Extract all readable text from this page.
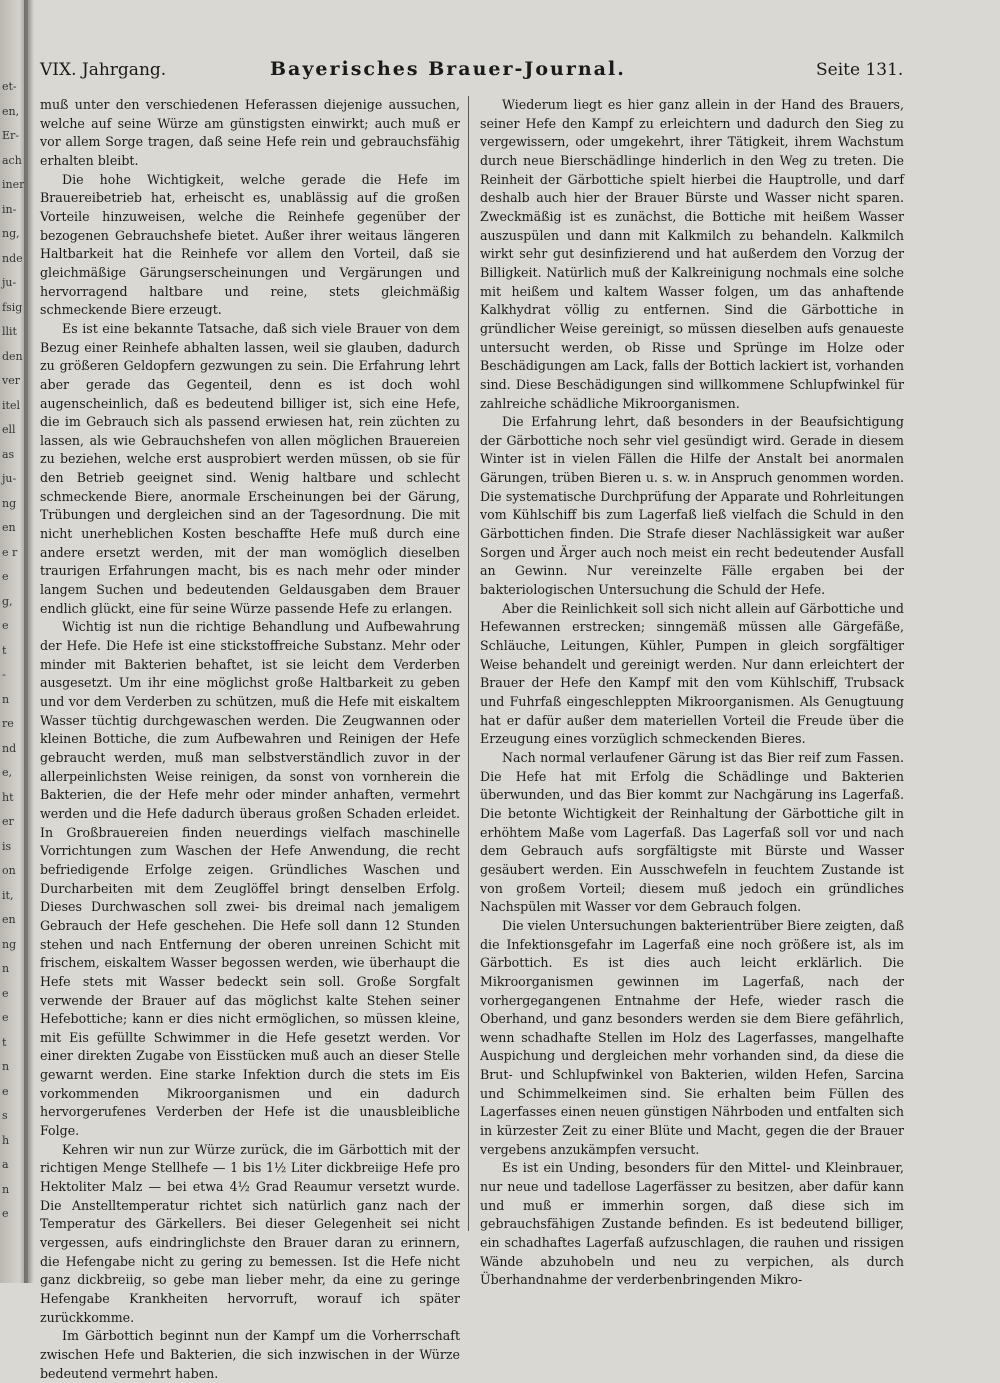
et-
en,
Er-
ach
iner
in-
ng,
nde
ju-
fsig
llit
den
ver
itel
ell
as
ju-
ng
en
e r
e
g,
e
t
-
n
re
nd
e,
ht
er
is
on
it,
en
ng
n
e
e
t
n
e
s
h
a
n
e
VIX. Jahrgang.	Bayerisches Brauer-Journal.	Seite 131.

muß unter den verschiedenen Heferassen diejenige aussuchen, welche auf seine Würze am günstigsten einwirkt; auch muß er vor allem Sorge tragen, daß seine Hefe rein und gebrauchsfähig erhalten bleibt.

Die hohe Wichtigkeit, welche gerade die Hefe im Brauereibetrieb hat, erheischt es, unablässig auf die großen Vorteile hinzuweisen, welche die Reinhefe gegenüber der bezogenen Gebrauchshefe bietet. Außer ihrer weitaus längeren Haltbarkeit hat die Reinhefe vor allem den Vorteil, daß sie gleichmäßige Gärungserscheinungen und Vergärungen und hervorragend haltbare und reine, stets gleichmäßig schmeckende Biere erzeugt.

Es ist eine bekannte Tatsache, daß sich viele Brauer von dem Bezug einer Reinhefe abhalten lassen, weil sie glauben, dadurch zu größeren Geldopfern gezwungen zu sein. Die Erfahrung lehrt aber gerade das Gegenteil, denn es ist doch wohl augenscheinlich, daß es bedeutend billiger ist, sich eine Hefe, die im Gebrauch sich als passend erwiesen hat, rein züchten zu lassen, als wie Gebrauchshefen von allen möglichen Brauereien zu beziehen, welche erst ausprobiert werden müssen, ob sie für den Betrieb geeignet sind. Wenig haltbare und schlecht schmeckende Biere, anormale Erscheinungen bei der Gärung, Trübungen und dergleichen sind an der Tagesordnung. Die mit nicht unerheblichen Kosten beschaffte Hefe muß durch eine andere ersetzt werden, mit der man womöglich dieselben traurigen Erfahrungen macht, bis es nach mehr oder minder langem Suchen und bedeutenden Geldausgaben dem Brauer endlich glückt, eine für seine Würze passende Hefe zu erlangen.

Wichtig ist nun die richtige Behandlung und Aufbewahrung der Hefe. Die Hefe ist eine stickstoffreiche Substanz. Mehr oder minder mit Bakterien behaftet, ist sie leicht dem Verderben ausgesetzt. Um ihr eine möglichst große Haltbarkeit zu geben und vor dem Verderben zu schützen, muß die Hefe mit eiskaltem Wasser tüchtig durchgewaschen werden. Die Zeugwannen oder kleinen Bottiche, die zum Aufbewahren und Reinigen der Hefe gebraucht werden, muß man selbstverständlich zuvor in der allerpeinlichsten Weise reinigen, da sonst von vornherein die Bakterien, die der Hefe mehr oder minder anhaften, vermehrt werden und die Hefe dadurch überaus großen Schaden erleidet. In Großbrauereien finden neuerdings vielfach maschinelle Vorrichtungen zum Waschen der Hefe Anwendung, die recht befriedigende Erfolge zeigen. Gründliches Waschen und Durcharbeiten mit dem Zeuglöffel bringt denselben Erfolg. Dieses Durchwaschen soll zwei- bis dreimal nach jemaligem Gebrauch der Hefe geschehen. Die Hefe soll dann 12 Stunden stehen und nach Entfernung der oberen unreinen Schicht mit frischem, eiskaltem Wasser begossen werden, wie überhaupt die Hefe stets mit Wasser bedeckt sein soll. Große Sorgfalt verwende der Brauer auf das möglichst kalte Stehen seiner Hefebottiche; kann er dies nicht ermöglichen, so müssen kleine, mit Eis gefüllte Schwimmer in die Hefe gesetzt werden. Vor einer direkten Zugabe von Eisstücken muß auch an dieser Stelle gewarnt werden. Eine starke Infektion durch die stets im Eis vorkommenden Mikroorganismen und ein dadurch hervorgerufenes Verderben der Hefe ist die unausbleibliche Folge.

Kehren wir nun zur Würze zurück, die im Gärbottich mit der richtigen Menge Stellhefe — 1 bis 1½ Liter dickbreiige Hefe pro Hektoliter Malz — bei etwa 4½ Grad Reaumur versetzt wurde. Die Anstelltemperatur richtet sich natürlich ganz nach der Temperatur des Gärkellers. Bei dieser Gelegenheit sei nicht vergessen, aufs eindringlichste den Brauer daran zu erinnern, die Hefengabe nicht zu gering zu bemessen. Ist die Hefe nicht ganz dickbreiig, so gebe man lieber mehr, da eine zu geringe Hefengabe Krankheiten hervorruft, worauf ich später zurückkomme.

Im Gärbottich beginnt nun der Kampf um die Vorherrschaft zwischen Hefe und Bakterien, die sich inzwischen in der Würze bedeutend vermehrt haben.

Wiederum liegt es hier ganz allein in der Hand des Brauers, seiner Hefe den Kampf zu erleichtern und dadurch den Sieg zu vergewissern, oder umgekehrt, ihrer Tätigkeit, ihrem Wachstum durch neue Bierschädlinge hinderlich in den Weg zu treten. Die Reinheit der Gärbottiche spielt hierbei die Hauptrolle, und darf deshalb auch hier der Brauer Bürste und Wasser nicht sparen. Zweckmäßig ist es zunächst, die Bottiche mit heißem Wasser auszuspülen und dann mit Kalkmilch zu behandeln. Kalkmilch wirkt sehr gut desinfizierend und hat außerdem den Vorzug der Billigkeit. Natürlich muß der Kalkreinigung nochmals eine solche mit heißem und kaltem Wasser folgen, um das anhaftende Kalkhydrat völlig zu entfernen. Sind die Gärbottiche in gründlicher Weise gereinigt, so müssen dieselben aufs genaueste untersucht werden, ob Risse und Sprünge im Holze oder Beschädigungen am Lack, falls der Bottich lackiert ist, vorhanden sind. Diese Beschädigungen sind willkommene Schlupfwinkel für zahlreiche schädliche Mikroorganismen.

Die Erfahrung lehrt, daß besonders in der Beaufsichtigung der Gärbottiche noch sehr viel gesündigt wird. Gerade in diesem Winter ist in vielen Fällen die Hilfe der Anstalt bei anormalen Gärungen, trüben Bieren u. s. w. in Anspruch genommen worden. Die systematische Durchprüfung der Apparate und Rohrleitungen vom Kühlschiff bis zum Lagerfaß ließ vielfach die Schuld in den Gärbottichen finden. Die Strafe dieser Nachlässigkeit war außer Sorgen und Ärger auch noch meist ein recht bedeutender Ausfall an Gewinn. Nur vereinzelte Fälle ergaben bei der bakteriologischen Untersuchung die Schuld der Hefe.

Aber die Reinlichkeit soll sich nicht allein auf Gärbottiche und Hefewannen erstrecken; sinngemäß müssen alle Gärgefäße, Schläuche, Leitungen, Kühler, Pumpen in gleich sorgfältiger Weise behandelt und gereinigt werden. Nur dann erleichtert der Brauer der Hefe den Kampf mit den vom Kühlschiff, Trubsack und Fuhrfaß eingeschleppten Mikroorganismen. Als Genugtuung hat er dafür außer dem materiellen Vorteil die Freude über die Erzeugung eines vorzüglich schmeckenden Bieres.

Nach normal verlaufener Gärung ist das Bier reif zum Fassen. Die Hefe hat mit Erfolg die Schädlinge und Bakterien überwunden, und das Bier kommt zur Nachgärung ins Lagerfaß. Die betonte Wichtigkeit der Reinhaltung der Gärbottiche gilt in erhöhtem Maße vom Lagerfaß. Das Lagerfaß soll vor und nach dem Gebrauch aufs sorgfältigste mit Bürste und Wasser gesäubert werden. Ein Ausschwefeln in feuchtem Zustande ist von großem Vorteil; diesem muß jedoch ein gründliches Nachspülen mit Wasser vor dem Gebrauch folgen.

Die vielen Untersuchungen bakterientrüber Biere zeigten, daß die Infektionsgefahr im Lagerfaß eine noch größere ist, als im Gärbottich. Es ist dies auch leicht erklärlich. Die Mikroorganismen gewinnen im Lagerfaß, nach der vorhergegangenen Entnahme der Hefe, wieder rasch die Oberhand, und ganz besonders werden sie dem Biere gefährlich, wenn schadhafte Stellen im Holz des Lagerfasses, mangelhafte Auspichung und dergleichen mehr vorhanden sind, da diese die Brut- und Schlupfwinkel von Bakterien, wilden Hefen, Sarcina und Schimmelkeimen sind. Sie erhalten beim Füllen des Lagerfasses einen neuen günstigen Nährboden und entfalten sich in kürzester Zeit zu einer Blüte und Macht, gegen die der Brauer vergebens anzukämpfen versucht.

Es ist ein Unding, besonders für den Mittel- und Kleinbrauer, nur neue und tadellose Lagerfässer zu besitzen, aber dafür kann und muß er immerhin sorgen, daß diese sich im gebrauchsfähigen Zustande befinden. Es ist bedeutend billiger, ein schadhaftes Lagerfaß aufzuschlagen, die rauhen und rissigen Wände abzuhobeln und neu zu verpichen, als durch Überhandnahme der verderbenbringenden Mikro-
